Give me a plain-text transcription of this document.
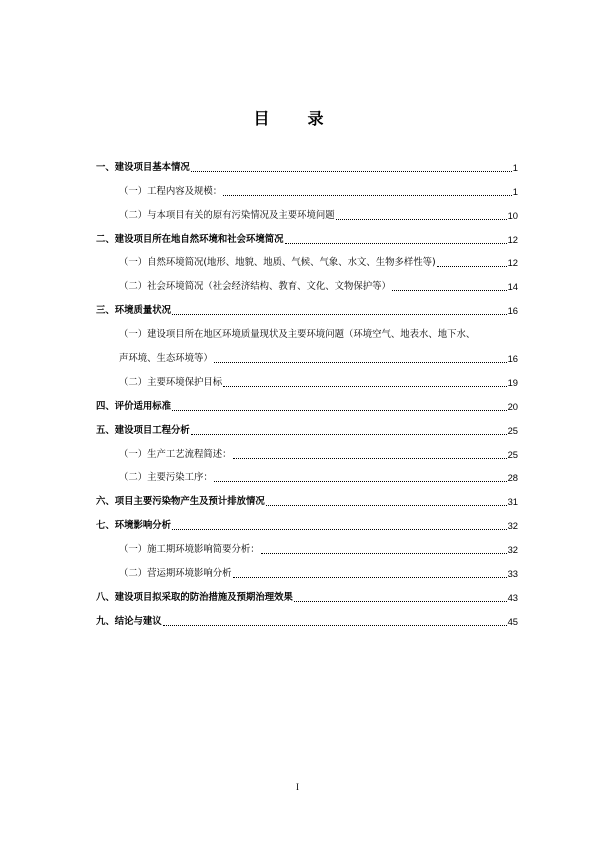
目录
一、建设项目基本情况	1
（一）工程内容及规模：	1
（二）与本项目有关的原有污染情况及主要环境问题	10
二、建设项目所在地自然环境和社会环境简况	12
（一）自然环境简况(地形、地貌、地质、气候、气象、水文、生物多样性等)	12
（二）社会环境简况（社会经济结构、教育、文化、文物保护等）	14
三、环境质量状况	16
（一）建设项目所在地区环境质量现状及主要环境问题（环境空气、地表水、地下水、
声环境、生态环境等）	16
（二）主要环境保护目标	19
四、评价适用标准	20
五、建设项目工程分析	25
（一）生产工艺流程简述：	25
（二）主要污染工序：	28
六、项目主要污染物产生及预计排放情况	31
七、环境影响分析	32
（一）施工期环境影响简要分析：	32
（二）营运期环境影响分析	33
八、建设项目拟采取的防治措施及预期治理效果	43
九、结论与建议	45
I
